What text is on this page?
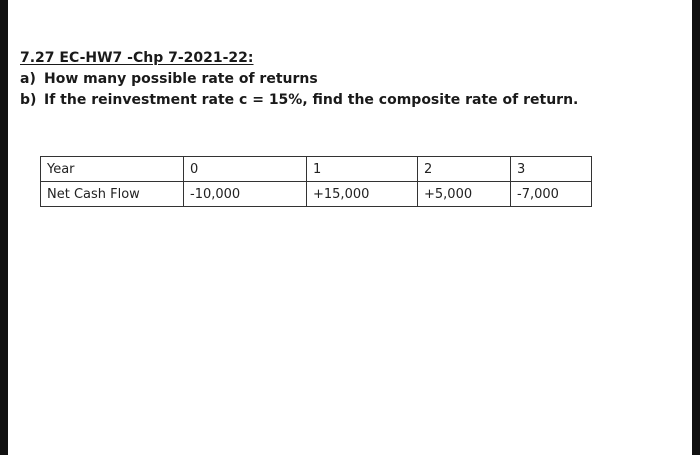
7.27 EC-HW7 -Chp 7-2021-22:
a) How many possible rate of returns
b) If the reinvestment rate c = 15%, find the composite rate of return.
Year	0	1	2	3
Net Cash Flow	-10,000	+15,000	+5,000	-7,000
